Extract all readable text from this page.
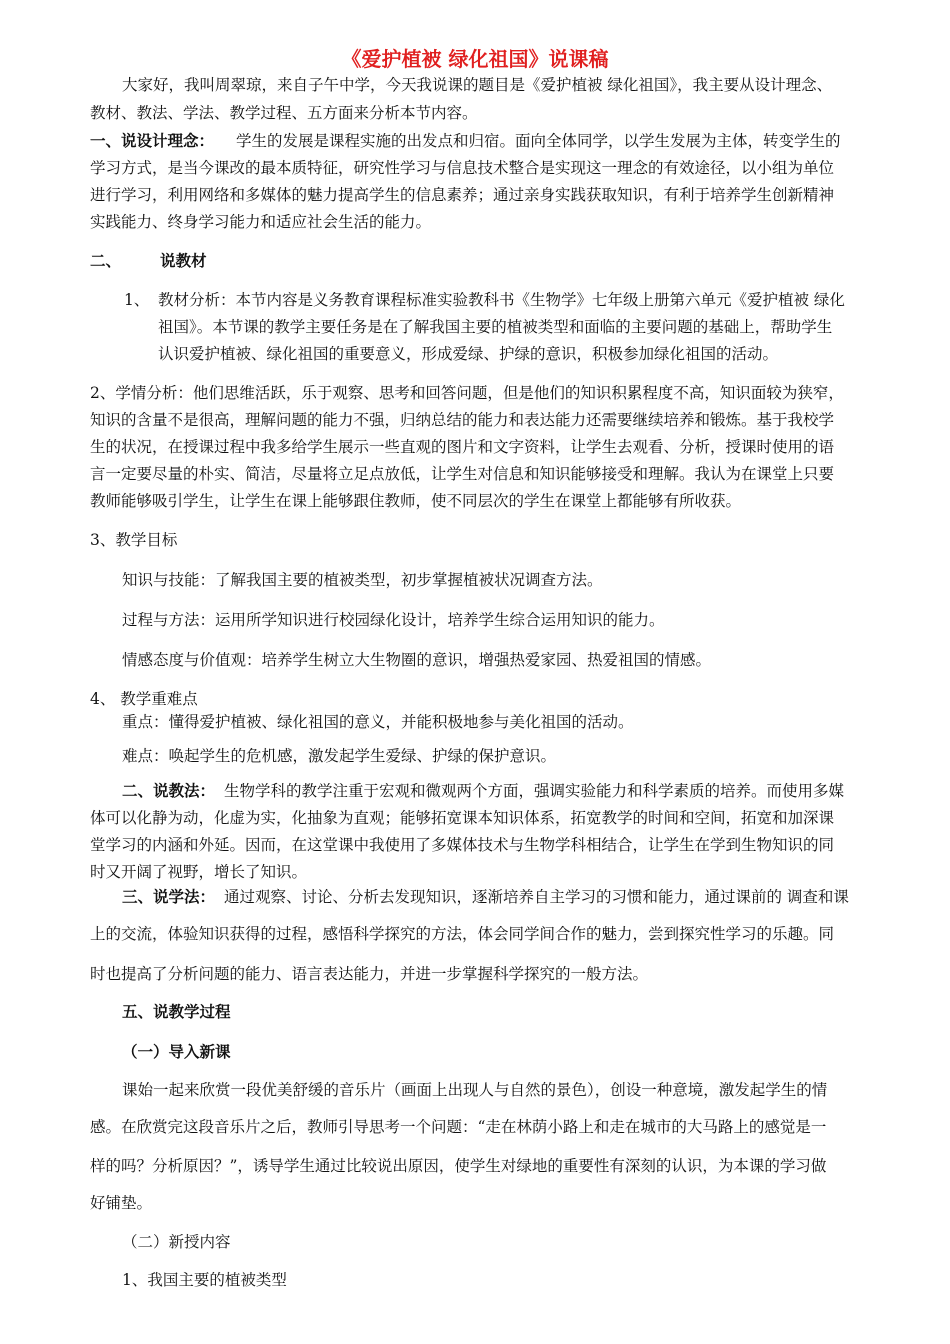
《爱护植被 绿化祖国》说课稿
大家好，我叫周翠琼，来自子午中学，今天我说课的题目是《爱护植被 绿化祖国》，我主要从设计理念、
教材、教法、学法、教学过程、五方面来分析本节内容。
一、说设计理念： 学生的发展是课程实施的出发点和归宿。面向全体同学，以学生发展为主体，转变学生的
学习方式，是当今课改的最本质特征，研究性学习与信息技术整合是实现这一理念的有效途径，以小组为单位
进行学习，利用网络和多媒体的魅力提高学生的信息素养；通过亲身实践获取知识，有利于培养学生创新精神
实践能力、终身学习能力和适应社会生活的能力。
二、	说教材
1、 教材分析：本节内容是义务教育课程标准实验教科书《生物学》七年级上册第六单元《爱护植被 绿化
祖国》。本节课的教学主要任务是在了解我国主要的植被类型和面临的主要问题的基础上，帮助学生
认识爱护植被、绿化祖国的重要意义，形成爱绿、护绿的意识，积极参加绿化祖国的活动。
2、学情分析：他们思维活跃，乐于观察、思考和回答问题，但是他们的知识积累程度不高，知识面较为狭窄，
知识的含量不是很高，理解问题的能力不强，归纳总结的能力和表达能力还需要继续培养和锻炼。基于我校学
生的状况，在授课过程中我多给学生展示一些直观的图片和文字资料，让学生去观看、分析，授课时使用的语
言一定要尽量的朴实、简洁，尽量将立足点放低，让学生对信息和知识能够接受和理解。我认为在课堂上只要
教师能够吸引学生，让学生在课上能够跟住教师，使不同层次的学生在课堂上都能够有所收获。
3、教学目标
知识与技能：了解我国主要的植被类型，初步掌握植被状况调查方法。
过程与方法：运用所学知识进行校园绿化设计，培养学生综合运用知识的能力。
情感态度与价值观：培养学生树立大生物圈的意识，增强热爱家园、热爱祖国的情感。
4、 教学重难点
重点：懂得爱护植被、绿化祖国的意义，并能积极地参与美化祖国的活动。
难点：唤起学生的危机感，激发起学生爱绿、护绿的保护意识。
二、说教法： 生物学科的教学注重于宏观和微观两个方面，强调实验能力和科学素质的培养。而使用多媒
体可以化静为动，化虚为实，化抽象为直观；能够拓宽课本知识体系，拓宽教学的时间和空间，拓宽和加深课
堂学习的内涵和外延。因而，在这堂课中我使用了多媒体技术与生物学科相结合，让学生在学到生物知识的同
时又开阔了视野，增长了知识。
三、说学法： 通过观察、讨论、分析去发现知识，逐渐培养自主学习的习惯和能力，通过课前的 调查和课
上的交流，体验知识获得的过程，感悟科学探究的方法，体会同学间合作的魅力，尝到探究性学习的乐趣。同
时也提高了分析问题的能力、语言表达能力，并进一步掌握科学探究的一般方法。
五、说教学过程
（一）导入新课
课始一起来欣赏一段优美舒缓的音乐片（画面上出现人与自然的景色），创设一种意境，激发起学生的情
感。在欣赏完这段音乐片之后，教师引导思考一个问题：“走在林荫小路上和走在城市的大马路上的感觉是一
样的吗？分析原因？”，诱导学生通过比较说出原因，使学生对绿地的重要性有深刻的认识，为本课的学习做
好铺垫。
（二）新授内容
1、我国主要的植被类型
